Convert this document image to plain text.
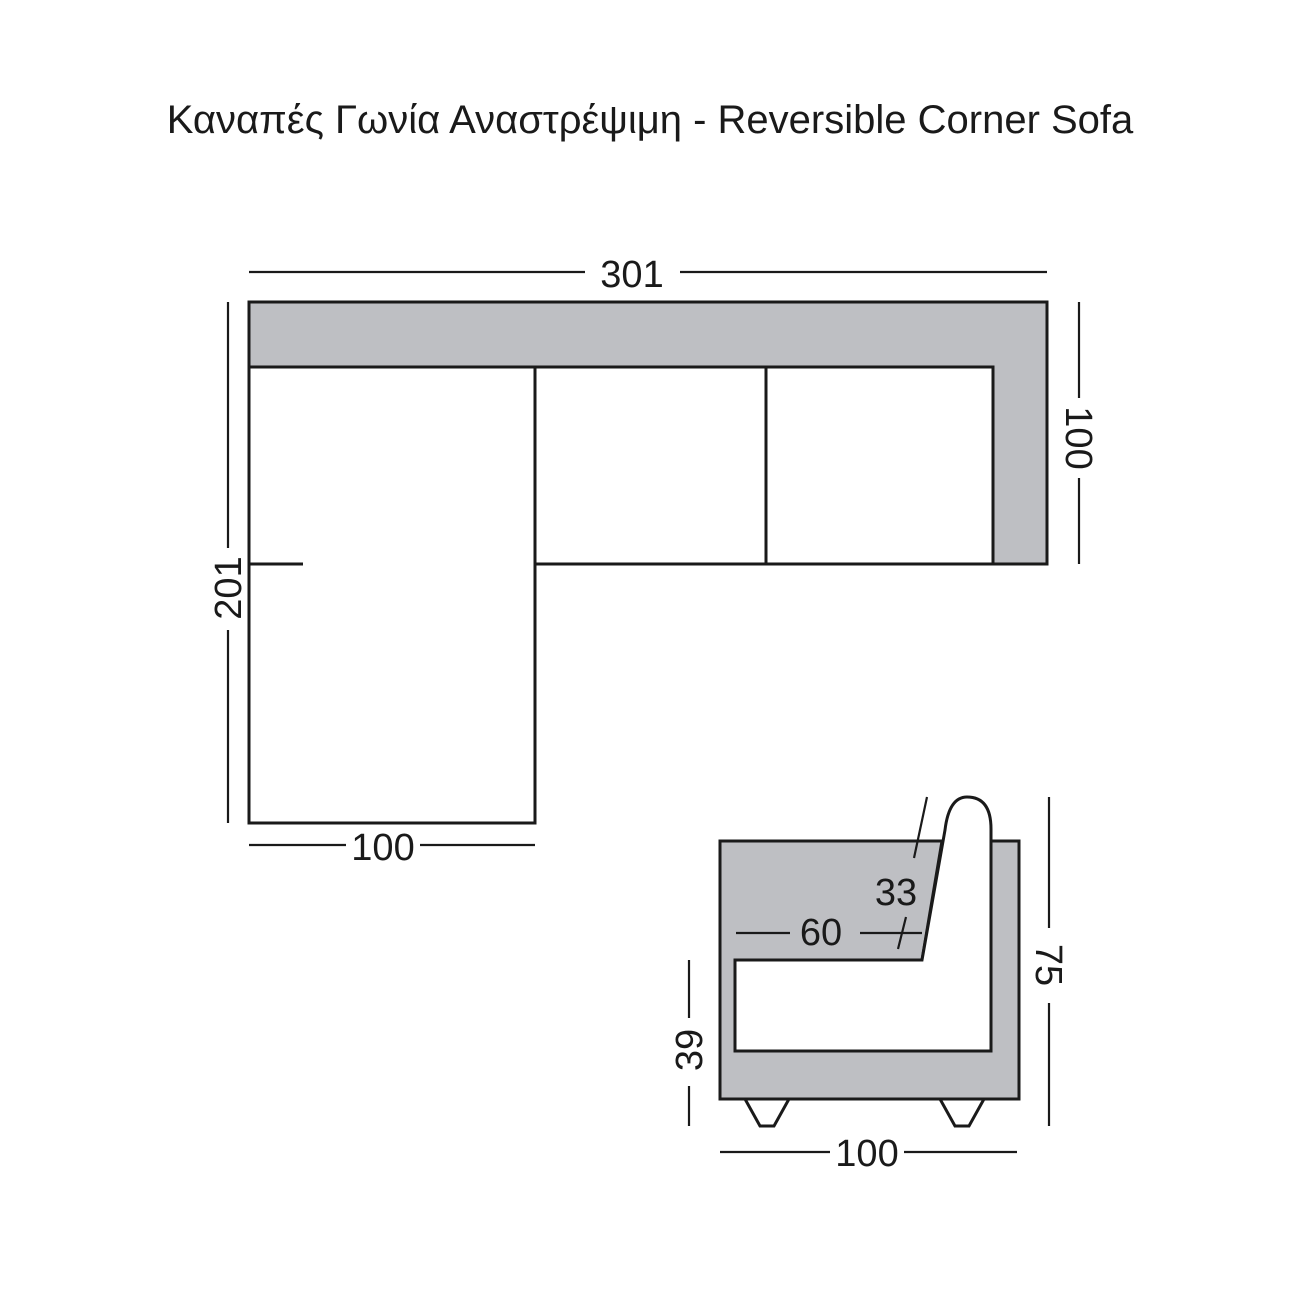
Καναπές Γωνία Αναστρέψιμη - Reversible Corner Sofa
301
201
100
100
33
60
39
75
100
